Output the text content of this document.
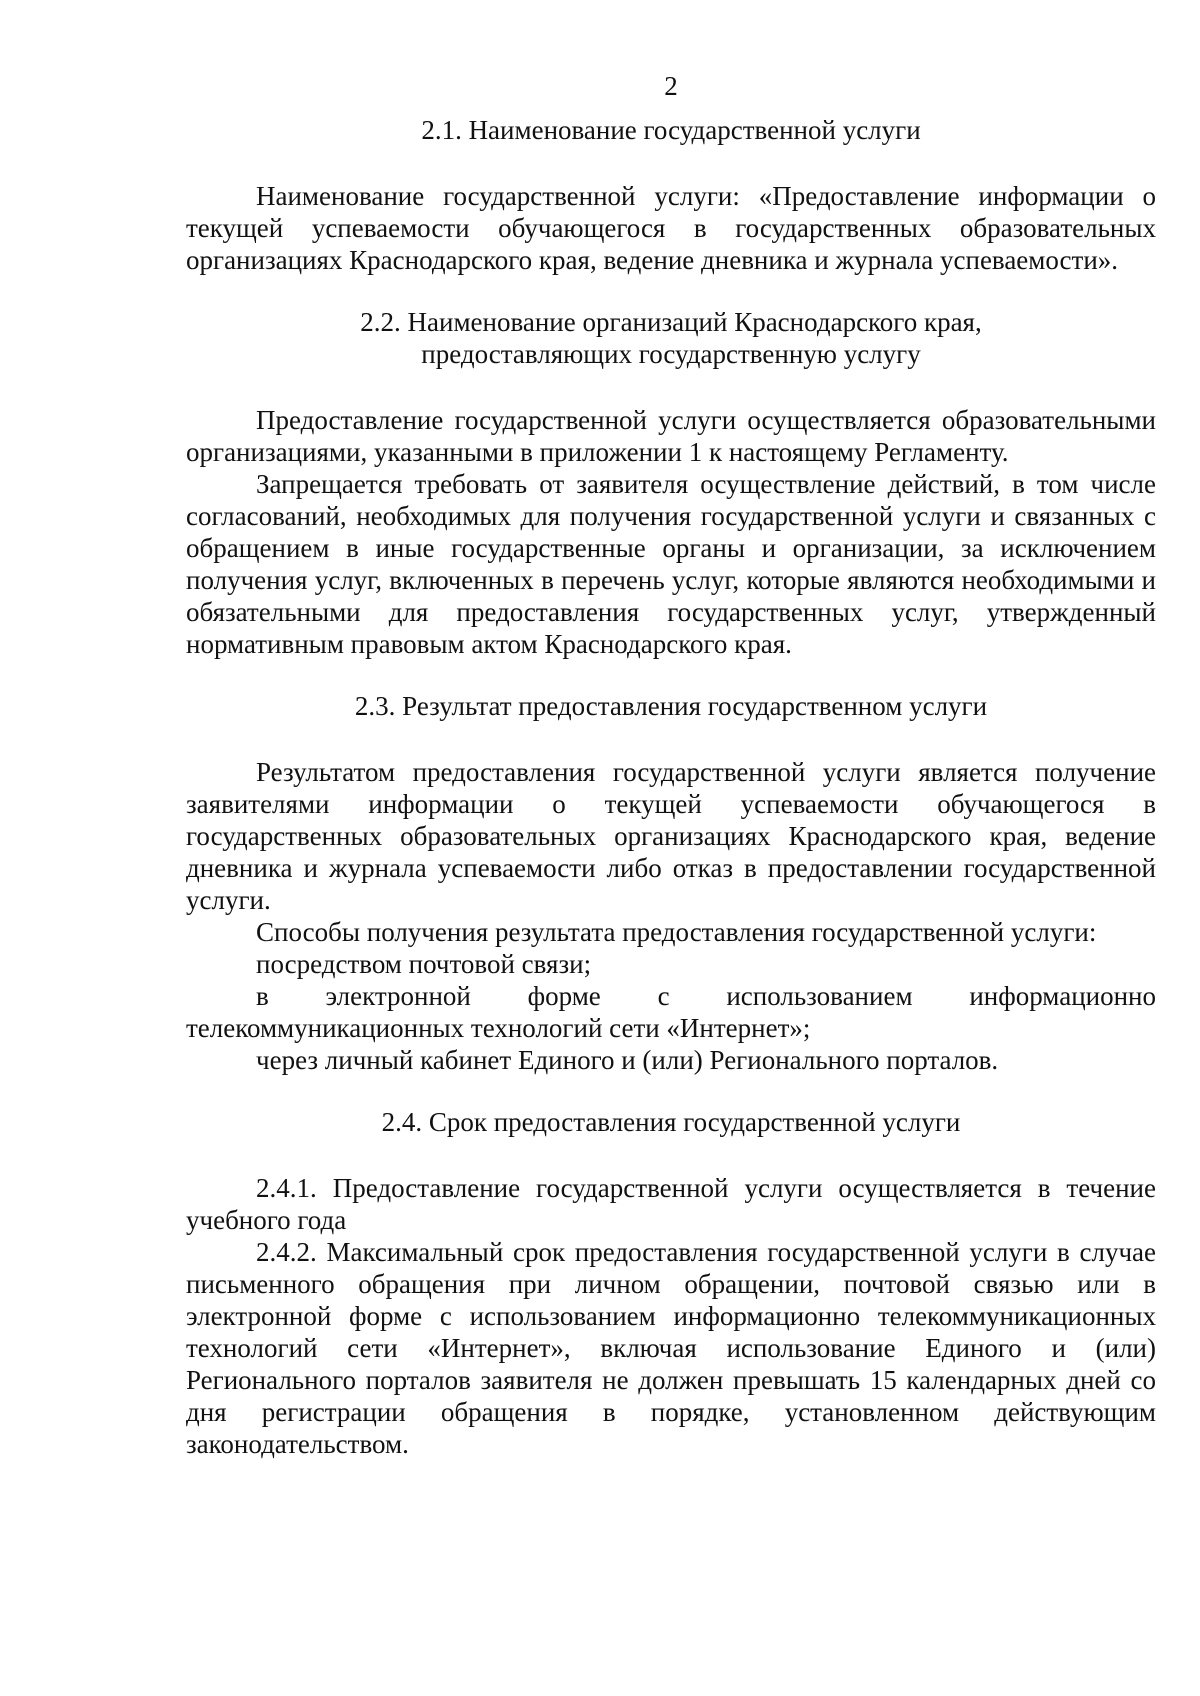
2
2.1. Наименование государственной услуги

Наименование государственной услуги: «Предоставление информации о текущей успеваемости обучающегося в государственных образовательных организациях Краснодарского края, ведение дневника и журнала успеваемости».

2.2. Наименование организаций Краснодарского края,
предоставляющих государственную услугу

Предоставление государственной услуги осуществляется образовательными организациями, указанными в приложении 1 к настоящему Регламенту.

Запрещается требовать от заявителя осуществление действий, в том числе согласований, необходимых для получения государственной услуги и связанных с обращением в иные государственные органы и организации, за исключением получения услуг, включенных в перечень услуг, которые являются необходимыми и обязательными для предоставления государственных услуг, утвержденный нормативным правовым актом Краснодарского края.

2.3. Результат предоставления государственном услуги

Результатом предоставления государственной услуги является получение заявителями информации о текущей успеваемости обучающегося в государственных образовательных организациях Краснодарского края, ведение дневника и журнала успеваемости либо отказ в предоставлении государственной услуги.

Способы получения результата предоставления государственной услуги:

посредством почтовой связи;

в электронной форме с использованием информационно телекоммуникационных технологий сети «Интернет»;

через личный кабинет Единого и (или) Регионального порталов.

2.4. Срок предоставления государственной услуги

2.4.1. Предоставление государственной услуги осуществляется в течение учебного года

2.4.2. Максимальный срок предоставления государственной услуги в случае письменного обращения при личном обращении, почтовой связью или в электронной форме с использованием информационно телекоммуникационных технологий сети «Интернет», включая использование Единого и (или) Регионального порталов заявителя не должен превышать 15 календарных дней со дня регистрации обращения в порядке, установленном действующим законодательством.
